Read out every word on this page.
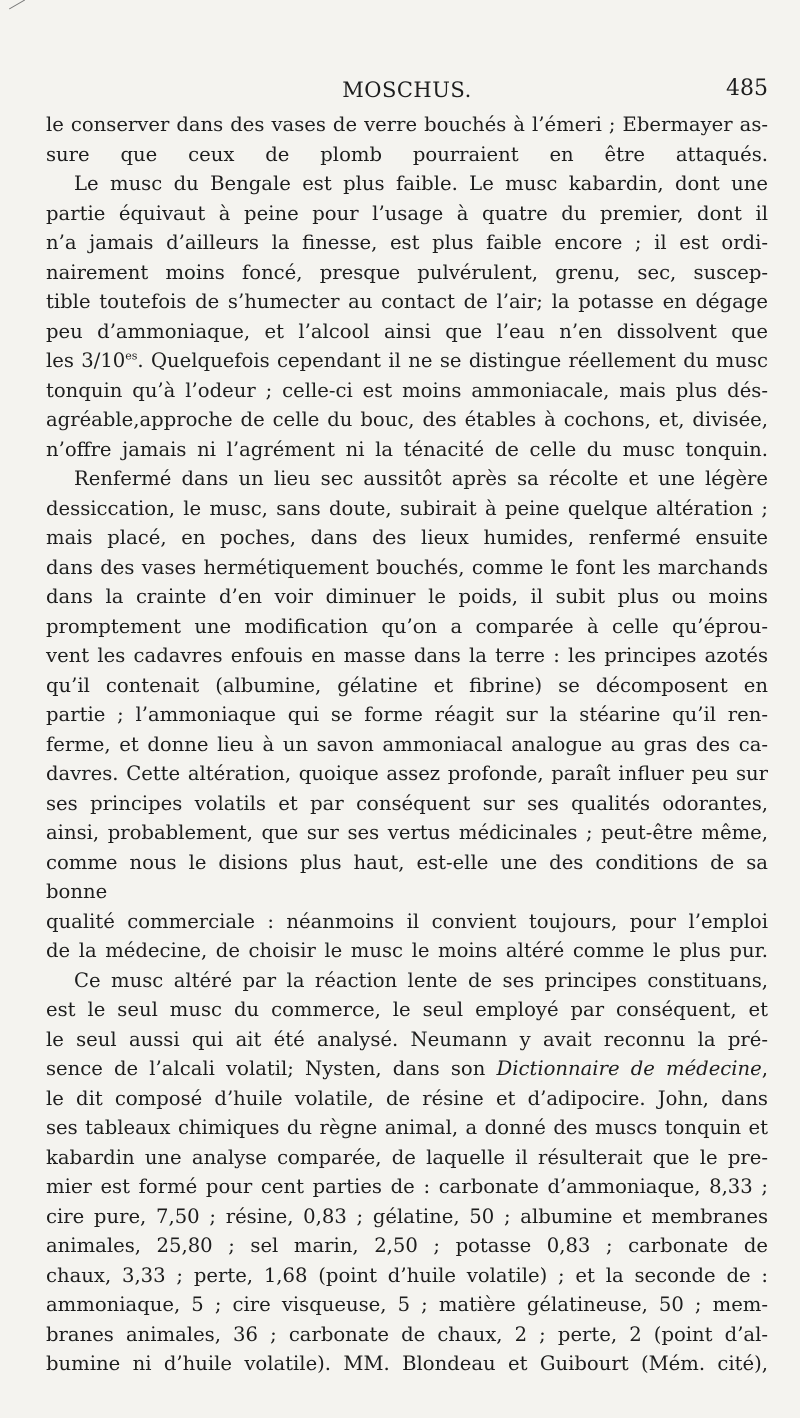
MOSCHUS.	485

le conserver dans des vases de verre bouchés à l’émeri ; Ebermayer as-

sure que ceux de plomb pourraient en être attaqués.

Le musc du Bengale est plus faible. Le musc kabardin, dont une

partie équivaut à peine pour l’usage à quatre du premier, dont il

n’a jamais d’ailleurs la finesse, est plus faible encore ; il est ordi-

nairement moins foncé, presque pulvérulent, grenu, sec, suscep-

tible toutefois de s’humecter au contact de l’air; la potasse en dégage

peu d’ammoniaque, et l’alcool ainsi que l’eau n’en dissolvent que

les $3/10^{es}$. Quelquefois cependant il ne se distingue réellement du musc

tonquin qu’à l’odeur ; celle-ci est moins ammoniacale, mais plus dés-

agréable,approche de celle du bouc, des étables à cochons, et, divisée,

n’offre jamais ni l’agrément ni la ténacité de celle du musc tonquin.

Renfermé dans un lieu sec aussitôt après sa récolte et une légère

dessiccation, le musc, sans doute, subirait à peine quelque altération ;

mais placé, en poches, dans des lieux humides, renfermé ensuite

dans des vases hermétiquement bouchés, comme le font les marchands

dans la crainte d’en voir diminuer le poids, il subit plus ou moins

promptement une modification qu’on a comparée à celle qu’éprou-

vent les cadavres enfouis en masse dans la terre : les principes azotés

qu’il contenait (albumine, gélatine et fibrine) se décomposent en

partie ; l’ammoniaque qui se forme réagit sur la stéarine qu’il ren-

ferme, et donne lieu à un savon ammoniacal analogue au gras des ca-

davres. Cette altération, quoique assez profonde, paraît influer peu sur

ses principes volatils et par conséquent sur ses qualités odorantes,

ainsi, probablement, que sur ses vertus médicinales ; peut-être même,

comme nous le disions plus haut, est-elle une des conditions de sa bonne

qualité commerciale : néanmoins il convient toujours, pour l’emploi

de la médecine, de choisir le musc le moins altéré comme le plus pur.

Ce musc altéré par la réaction lente de ses principes constituans,

est le seul musc du commerce, le seul employé par conséquent, et

le seul aussi qui ait été analysé. Neumann y avait reconnu la pré-

sence de l’alcali volatil; Nysten, dans son Dictionnaire de médecine,

le dit composé d’huile volatile, de résine et d’adipocire. John, dans

ses tableaux chimiques du règne animal, a donné des muscs tonquin et

kabardin une analyse comparée, de laquelle il résulterait que le pre-

mier est formé pour cent parties de : carbonate d’ammoniaque, 8,33 ;

cire pure, 7,50 ; résine, 0,83 ; gélatine, 50 ; albumine et membranes

animales, 25,80 ; sel marin, 2,50 ; potasse 0,83 ; carbonate de

chaux, 3,33 ; perte, 1,68 (point d’huile volatile) ; et la seconde de :

ammoniaque, 5 ; cire visqueuse, 5 ; matière gélatineuse, 50 ; mem-

branes animales, 36 ; carbonate de chaux, 2 ; perte, 2 (point d’al-

bumine ni d’huile volatile). MM. Blondeau et Guibourt (Mém. cité),
